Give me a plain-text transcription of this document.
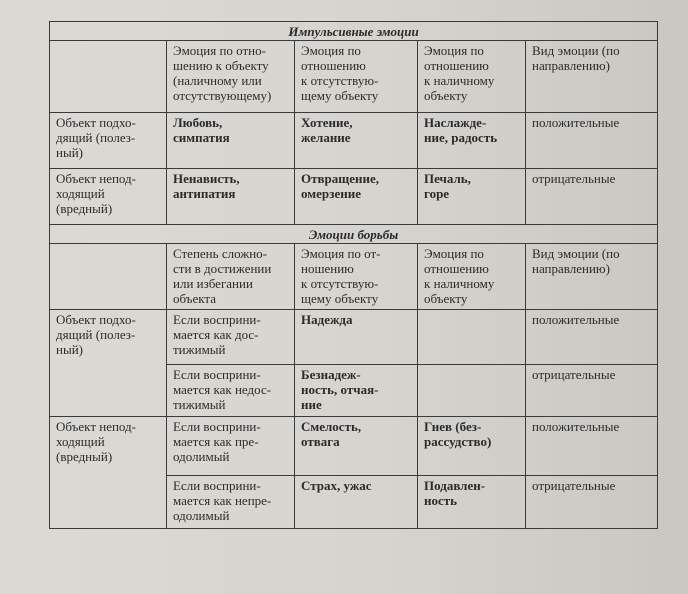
Импульсивные эмоции				
	Эмоция по отно-
шению к объекту
(наличному или
отсутствующему)	Эмоция по
отношению
к отсутствую-
щему объекту	Эмоция по
отношению
к наличному
объекту	Вид эмоции (по
направлению)
Объект подхо-
дящий (полез-
ный)	Любовь,
симпатия	Хотение,
желание	Наслажде-
ние, радость	положительные
Объект непод-
ходящий
(вредный)	Ненависть,
антипатия	Отвращение,
омерзение	Печаль,
горе	отрицательные
Эмоции борьбы				
	Степень сложно-
сти в достижении
или избегании
объекта	Эмоция по от-
ношению
к отсутствую-
щему объекту	Эмоция по
отношению
к наличному
объекту	Вид эмоции (по
направлению)
Объект подхо-
дящий (полез-
ный)	Если восприни-
мается как дос-
тижимый	Надежда		положительные
	Если восприни-
мается как недос-
тижимый	Безнадеж-
ность, отчая-
ние		отрицательные
Объект непод-
ходящий
(вредный)	Если восприни-
мается как пре-
одолимый	Смелость,
отвага	Гнев (без-
рассудство)	положительные
	Если восприни-
мается как непре-
одолимый	Страх, ужас	Подавлен-
ность	отрицательные
